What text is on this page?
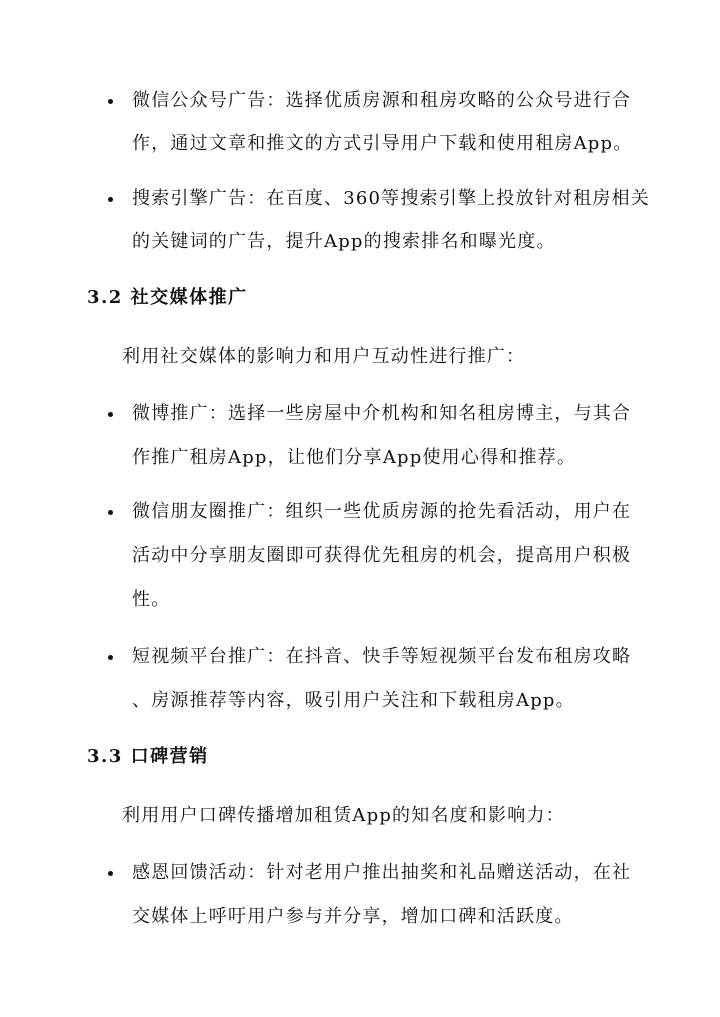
微信公众号广告：选择优质房源和租房攻略的公众号进行合
作，通过文章和推文的方式引导用户下载和使用租房App。
搜索引擎广告：在百度、360等搜索引擎上投放针对租房相关
的关键词的广告，提升App的搜索排名和曝光度。
3.2 社交媒体推广
利用社交媒体的影响力和用户互动性进行推广：
微博推广：选择一些房屋中介机构和知名租房博主，与其合
作推广租房App，让他们分享App使用心得和推荐。
微信朋友圈推广：组织一些优质房源的抢先看活动，用户在
活动中分享朋友圈即可获得优先租房的机会，提高用户积极
性。
短视频平台推广：在抖音、快手等短视频平台发布租房攻略
、房源推荐等内容，吸引用户关注和下载租房App。
3.3 口碑营销
利用用户口碑传播增加租赁App的知名度和影响力：
感恩回馈活动：针对老用户推出抽奖和礼品赠送活动，在社
交媒体上呼吁用户参与并分享，增加口碑和活跃度。
